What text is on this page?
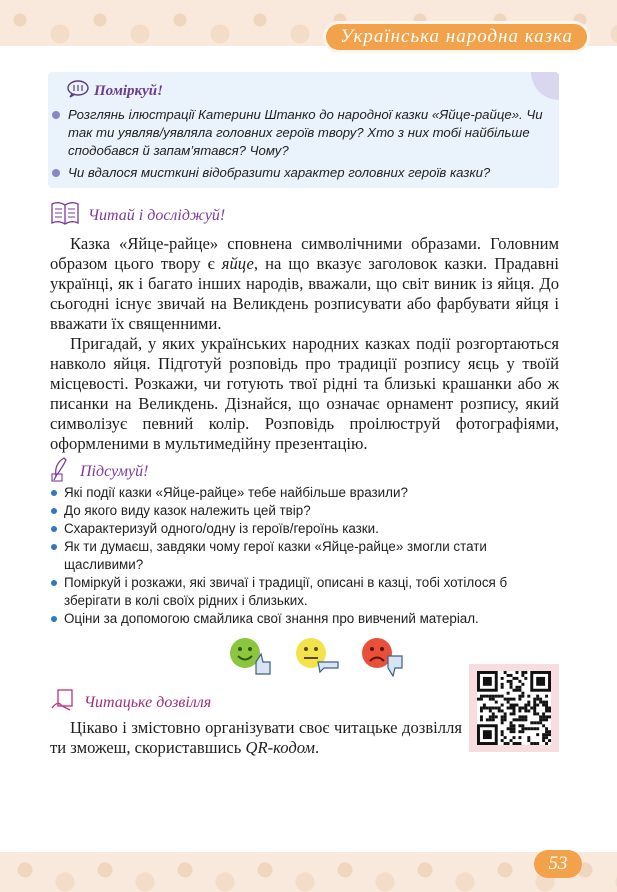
Українська народна казка
Поміркуй!
Розглянь ілюстрації Катерини Штанко до народної казки «Яйце-райце». Чи так ти уявляв/уявляла головних героїв твору? Хто з них тобі найбільше сподобався й запам’ятався? Чому?
Чи вдалося мисткині відобразити характер головних героїв казки?
Читай і досліджуй!

Казка «Яйце-райце» сповнена символічними образами. Головним образом цього твору є яйце, на що вказує заголовок казки. Прадавні українці, як і багато інших народів, вважали, що світ виник із яйця. До сьогодні існує звичай на Великдень розписувати або фарбувати яйця і вважати їх священними.

Пригадай, у яких українських народних казках події розгортаються навколо яйця. Підготуй розповідь про традиції розпису яєць у твоїй місцевості. Розкажи, чи готують твої рідні та близькі крашанки або ж писанки на Великдень. Дізнайся, що означає орнамент розпису, який символізує певний колір. Розповідь проілюструй фотографіями, оформленими в мультимедійну презентацію.

Підсумуй!
Які події казки «Яйце-райце» тебе найбільше вразили?
До якого виду казок належить цей твір?
Схарактеризуй одного/одну із героїв/героїнь казки.
Як ти думаєш, завдяки чому герої казки «Яйце-райце» змогли стати щасливими?
Поміркуй і розкажи, які звичаї і традиції, описані в казці, тобі хотілося б зберігати в колі своїх рідних і близьких.
Оціни за допомогою смайлика свої знання про вивчений матеріал.
Читацьке дозвілля

Цікаво і змістовно організувати своє читацьке дозвілля ти зможеш, скориставшись QR-кодом.

53
